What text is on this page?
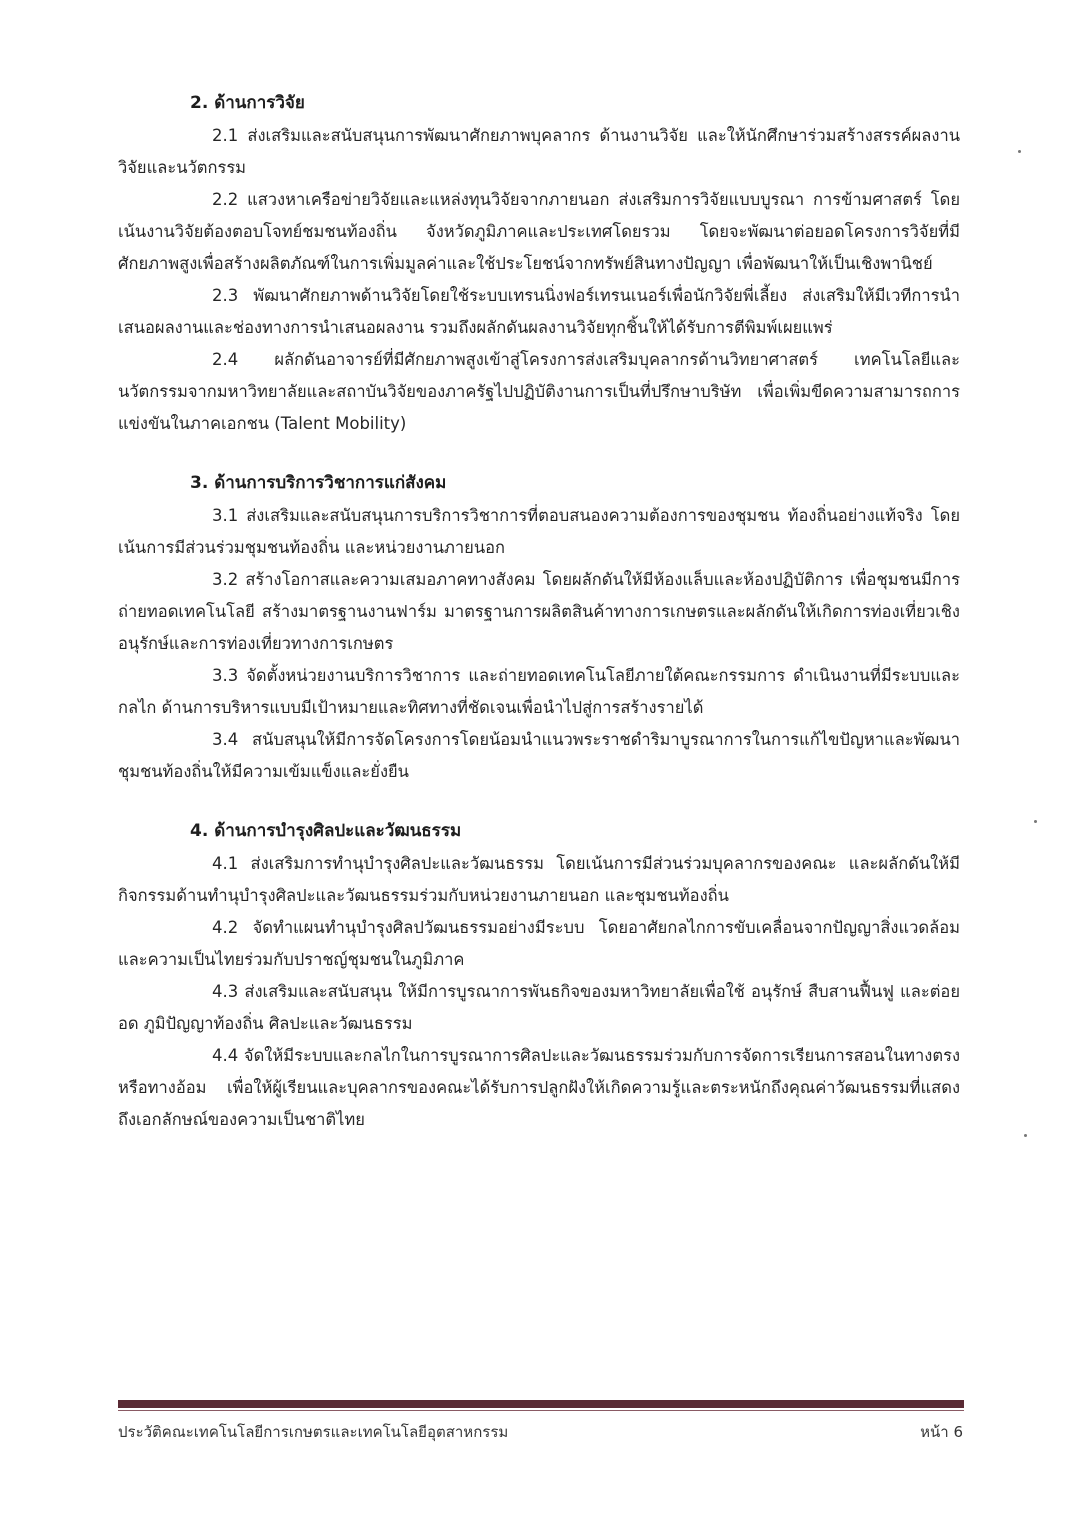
2. ด้านการวิจัย

2.1 ส่งเสริมและสนับสนุนการพัฒนาศักยภาพบุคลากร ด้านงานวิจัย และให้นักศึกษาร่วมสร้างสรรค์ผลงานวิจัยและนวัตกรรม

2.2 แสวงหาเครือข่ายวิจัยและแหล่งทุนวิจัยจากภายนอก ส่งเสริมการวิจัยแบบบูรณา การข้ามศาสตร์ โดยเน้นงานวิจัยต้องตอบโจทย์ชมชนท้องถิ่น จังหวัดภูมิภาคและประเทศโดยรวม โดยจะพัฒนาต่อยอดโครงการวิจัยที่มีศักยภาพสูงเพื่อสร้างผลิตภัณฑ์ในการเพิ่มมูลค่าและใช้ประโยชน์จากทรัพย์สินทางปัญญา เพื่อพัฒนาให้เป็นเชิงพานิชย์

2.3 พัฒนาศักยภาพด้านวิจัยโดยใช้ระบบเทรนนิ่งฟอร์เทรนเนอร์เพื่อนักวิจัยพี่เลี้ยง ส่งเสริมให้มีเวทีการนำเสนอผลงานและช่องทางการนำเสนอผลงาน รวมถึงผลักดันผลงานวิจัยทุกชิ้นให้ได้รับการตีพิมพ์เผยแพร่

2.4 ผลักดันอาจารย์ที่มีศักยภาพสูงเข้าสู่โครงการส่งเสริมบุคลากรด้านวิทยาศาสตร์ เทคโนโลยีและนวัตกรรมจากมหาวิทยาลัยและสถาบันวิจัยของภาครัฐไปปฏิบัติงานการเป็นที่ปรึกษาบริษัท เพื่อเพิ่มขีดความสามารถการแข่งขันในภาคเอกชน (Talent Mobility)

3. ด้านการบริการวิชาการแก่สังคม

3.1 ส่งเสริมและสนับสนุนการบริการวิชาการที่ตอบสนองความต้องการของชุมชน ท้องถิ่นอย่างแท้จริง โดยเน้นการมีส่วนร่วมชุมชนท้องถิ่น และหน่วยงานภายนอก

3.2 สร้างโอกาสและความเสมอภาคทางสังคม โดยผลักดันให้มีห้องแล็บและห้องปฏิบัติการ เพื่อชุมชนมีการถ่ายทอดเทคโนโลยี สร้างมาตรฐานงานฟาร์ม มาตรฐานการผลิตสินค้าทางการเกษตรและผลักดันให้เกิดการท่องเที่ยวเชิงอนุรักษ์และการท่องเที่ยวทางการเกษตร

3.3 จัดตั้งหน่วยงานบริการวิชาการ และถ่ายทอดเทคโนโลยีภายใต้คณะกรรมการ ดำเนินงานที่มีระบบและกลไก ด้านการบริหารแบบมีเป้าหมายและทิศทางที่ชัดเจนเพื่อนำไปสู่การสร้างรายได้

3.4 สนับสนุนให้มีการจัดโครงการโดยน้อมนำแนวพระราชดำริมาบูรณาการในการแก้ไขปัญหาและพัฒนาชุมชนท้องถิ่นให้มีความเข้มแข็งและยั่งยืน

4. ด้านการบำรุงศิลปะและวัฒนธรรม

4.1 ส่งเสริมการทำนุบำรุงศิลปะและวัฒนธรรม โดยเน้นการมีส่วนร่วมบุคลากรของคณะ และผลักดันให้มีกิจกรรมด้านทำนุบำรุงศิลปะและวัฒนธรรมร่วมกับหน่วยงานภายนอก และชุมชนท้องถิ่น

4.2 จัดทำแผนทำนุบำรุงศิลปวัฒนธรรมอย่างมีระบบ โดยอาศัยกลไกการขับเคลื่อนจากปัญญาสิ่งแวดล้อม และความเป็นไทยร่วมกับปราชญ์ชุมชนในภูมิภาค

4.3 ส่งเสริมและสนับสนุน ให้มีการบูรณาการพันธกิจของมหาวิทยาลัยเพื่อใช้ อนุรักษ์ สืบสานฟื้นฟู และต่อยอด ภูมิปัญญาท้องถิ่น ศิลปะและวัฒนธรรม

4.4 จัดให้มีระบบและกลไกในการบูรณาการศิลปะและวัฒนธรรมร่วมกับการจัดการเรียนการสอนในทางตรงหรือทางอ้อม เพื่อให้ผู้เรียนและบุคลากรของคณะได้รับการปลูกฝังให้เกิดความรู้และตระหนักถึงคุณค่าวัฒนธรรมที่แสดงถึงเอกลักษณ์ของความเป็นชาติไทย

ประวัติคณะเทคโนโลยีการเกษตรและเทคโนโลยีอุตสาหกรรม	หน้า 6
